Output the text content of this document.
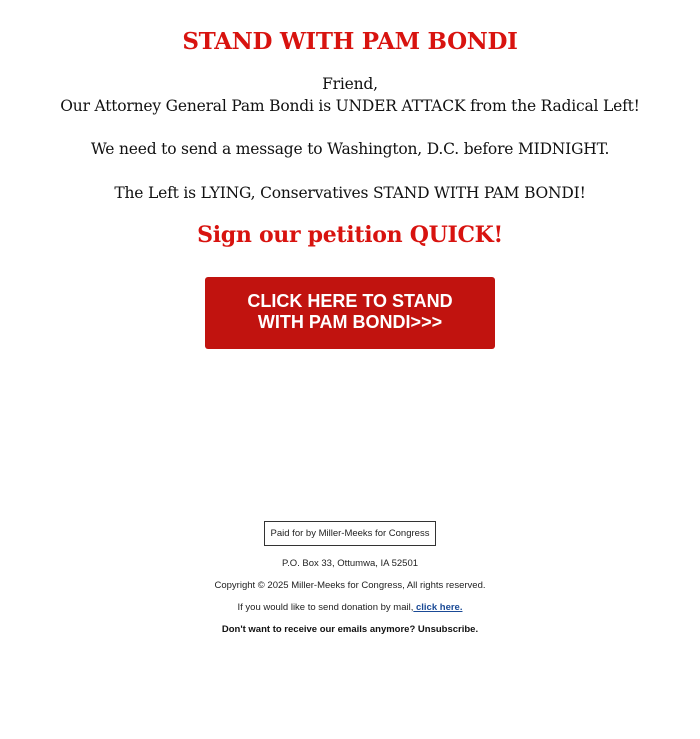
STAND WITH PAM BONDI
Friend,
Our Attorney General Pam Bondi is UNDER ATTACK from the Radical Left!
We need to send a message to Washington, D.C. before MIDNIGHT.
The Left is LYING, Conservatives STAND WITH PAM BONDI!
Sign our petition QUICK!
CLICK HERE TO STAND
WITH PAM BONDI>>>
Paid for by Miller-Meeks for Congress
P.O. Box 33, Ottumwa, IA 52501
Copyright © 2025 Miller-Meeks for Congress, All rights reserved.
If you would like to send donation by mail, click here.
Don't want to receive our emails anymore? Unsubscribe.
